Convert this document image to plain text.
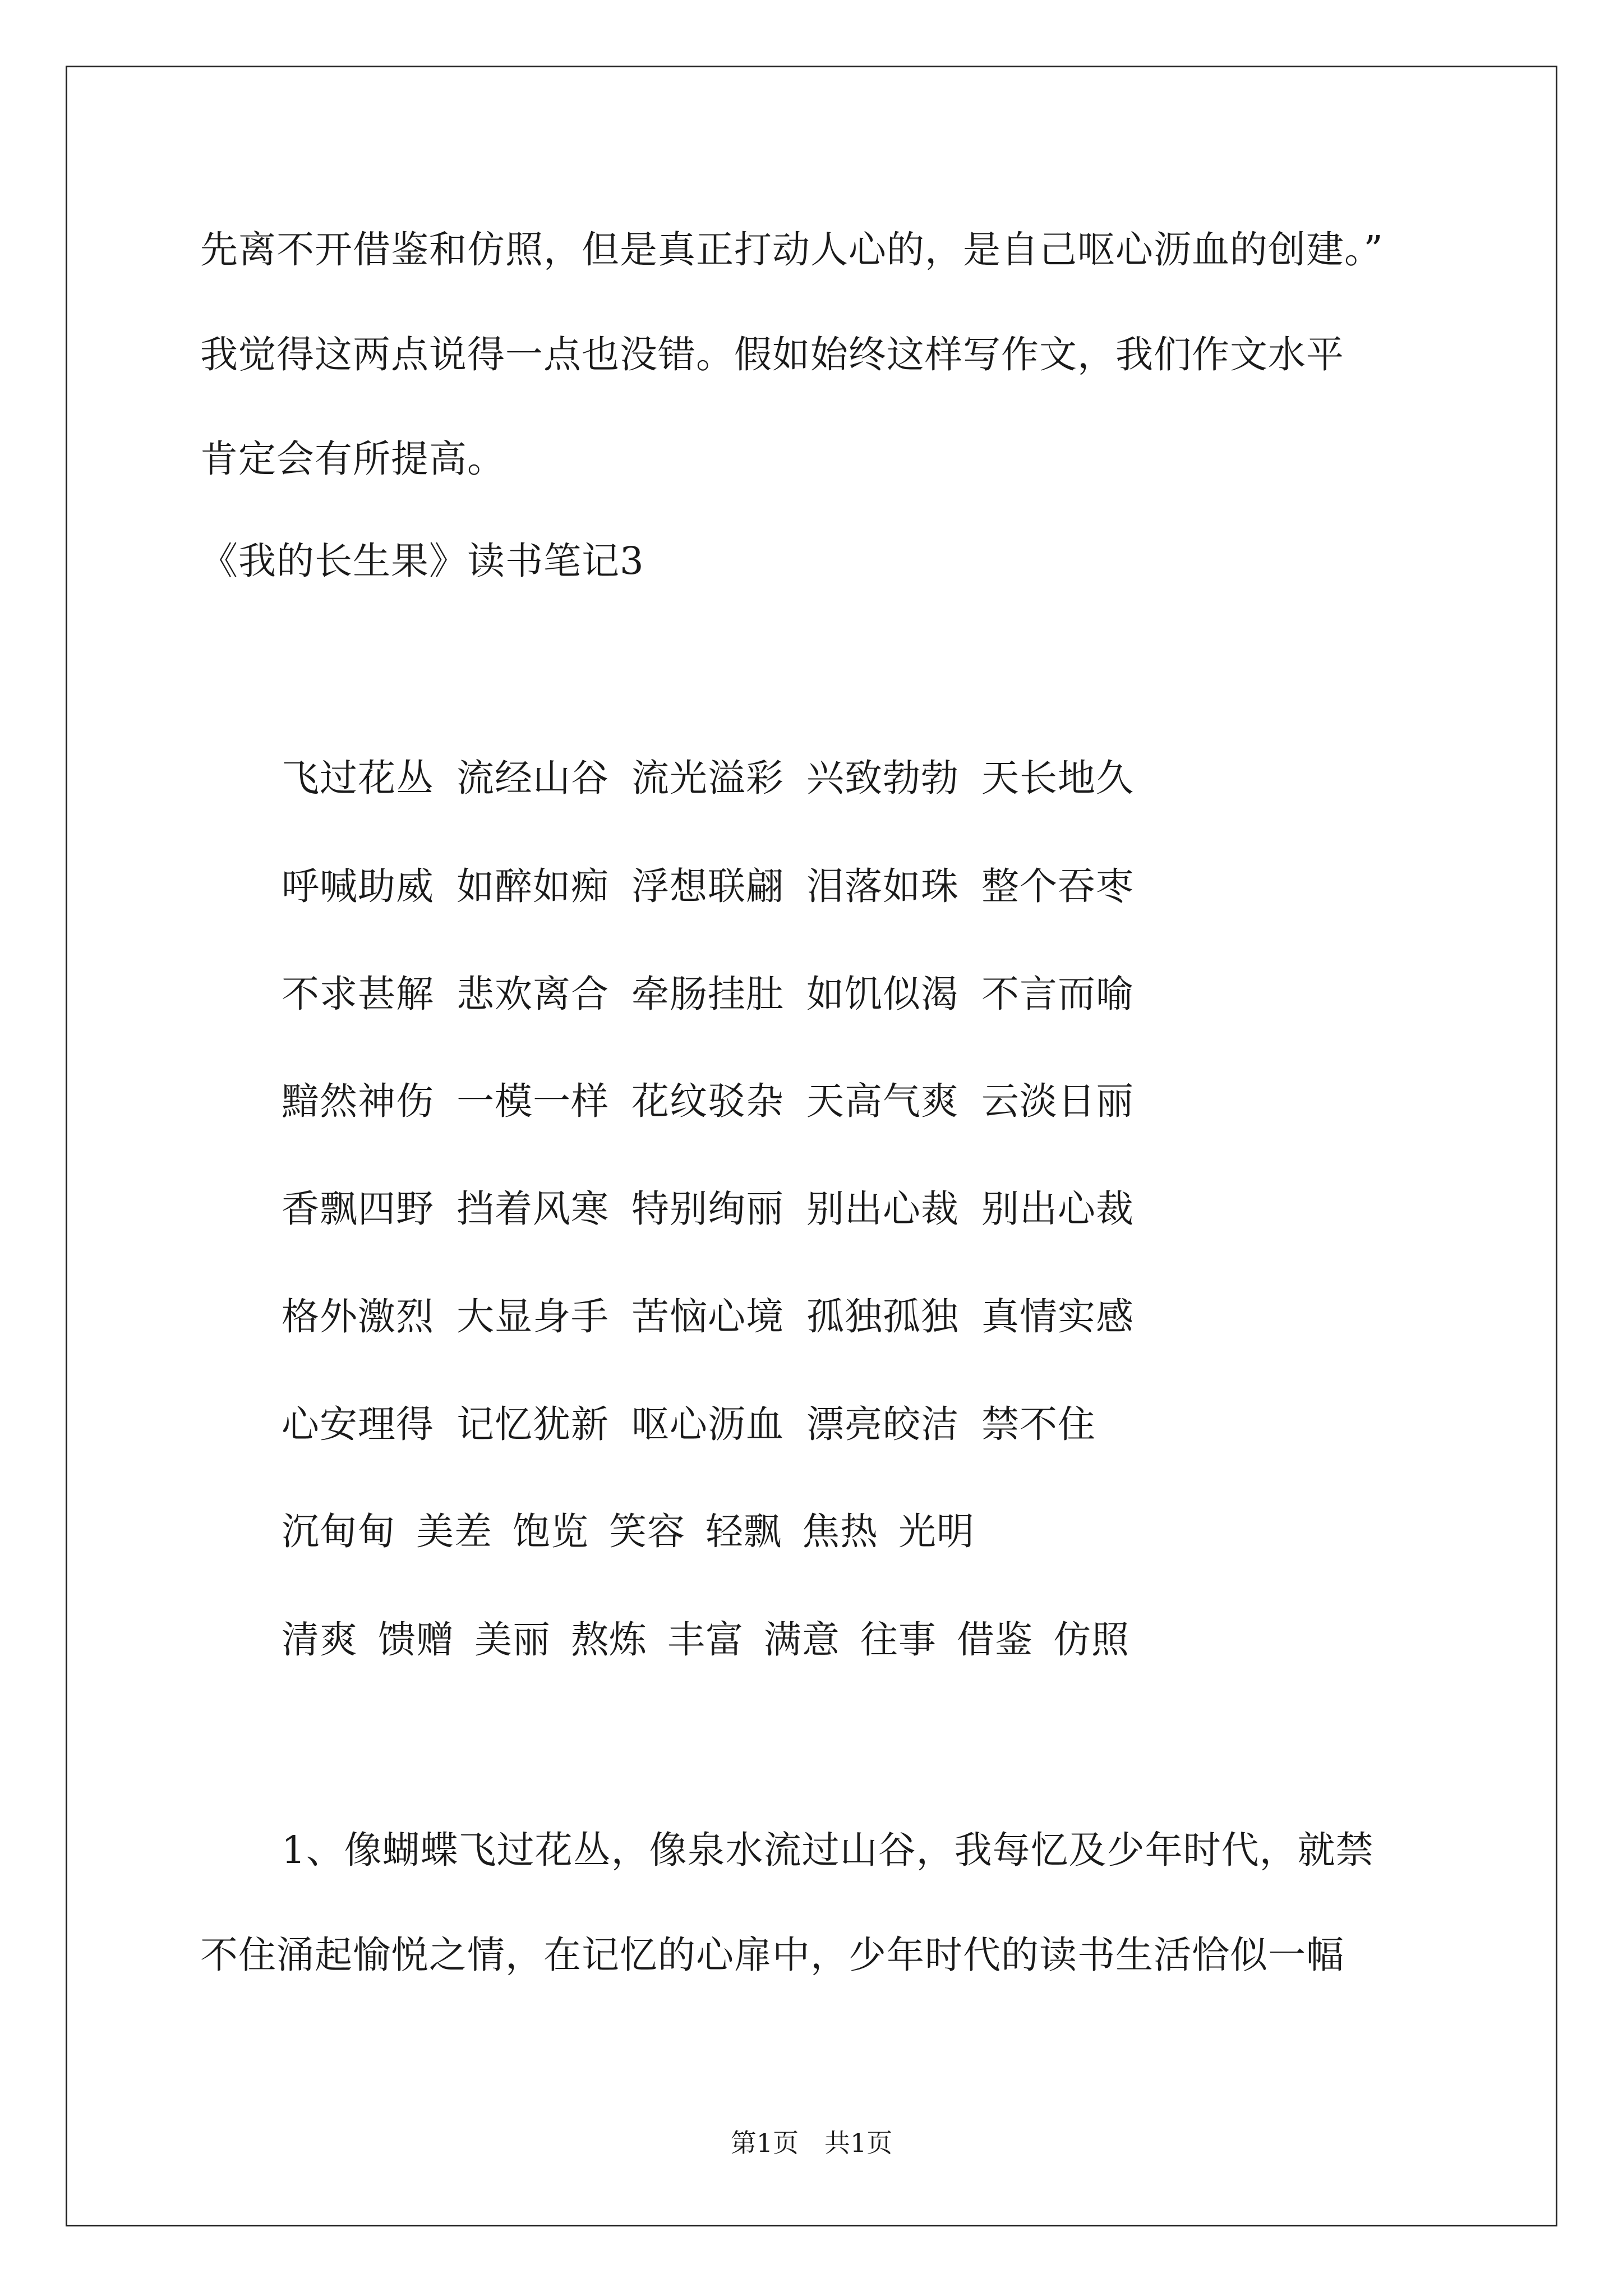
先离不开借鉴和仿照，但是真正打动人心的，是自己呕心沥血的创建。”
我觉得这两点说得一点也没错。假如始终这样写作文，我们作文水平
肯定会有所提高。
《我的长生果》读书笔记3
飞过花丛 流经山谷 流光溢彩 兴致勃勃 天长地久
呼喊助威 如醉如痴 浮想联翩 泪落如珠 整个吞枣
不求甚解 悲欢离合 牵肠挂肚 如饥似渴 不言而喻
黯然神伤 一模一样 花纹驳杂 天高气爽 云淡日丽
香飘四野 挡着风寒 特别绚丽 别出心裁 别出心裁
格外激烈 大显身手 苦恼心境 孤独孤独 真情实感
心安理得 记忆犹新 呕心沥血 漂亮皎洁 禁不住
沉甸甸 美差 饱览 笑容 轻飘 焦热 光明
清爽 馈赠 美丽 熬炼 丰富 满意 往事 借鉴 仿照
1、像蝴蝶飞过花丛，像泉水流过山谷，我每忆及少年时代，就禁
不住涌起愉悦之情，在记忆的心扉中，少年时代的读书生活恰似一幅
第1页　共1页
